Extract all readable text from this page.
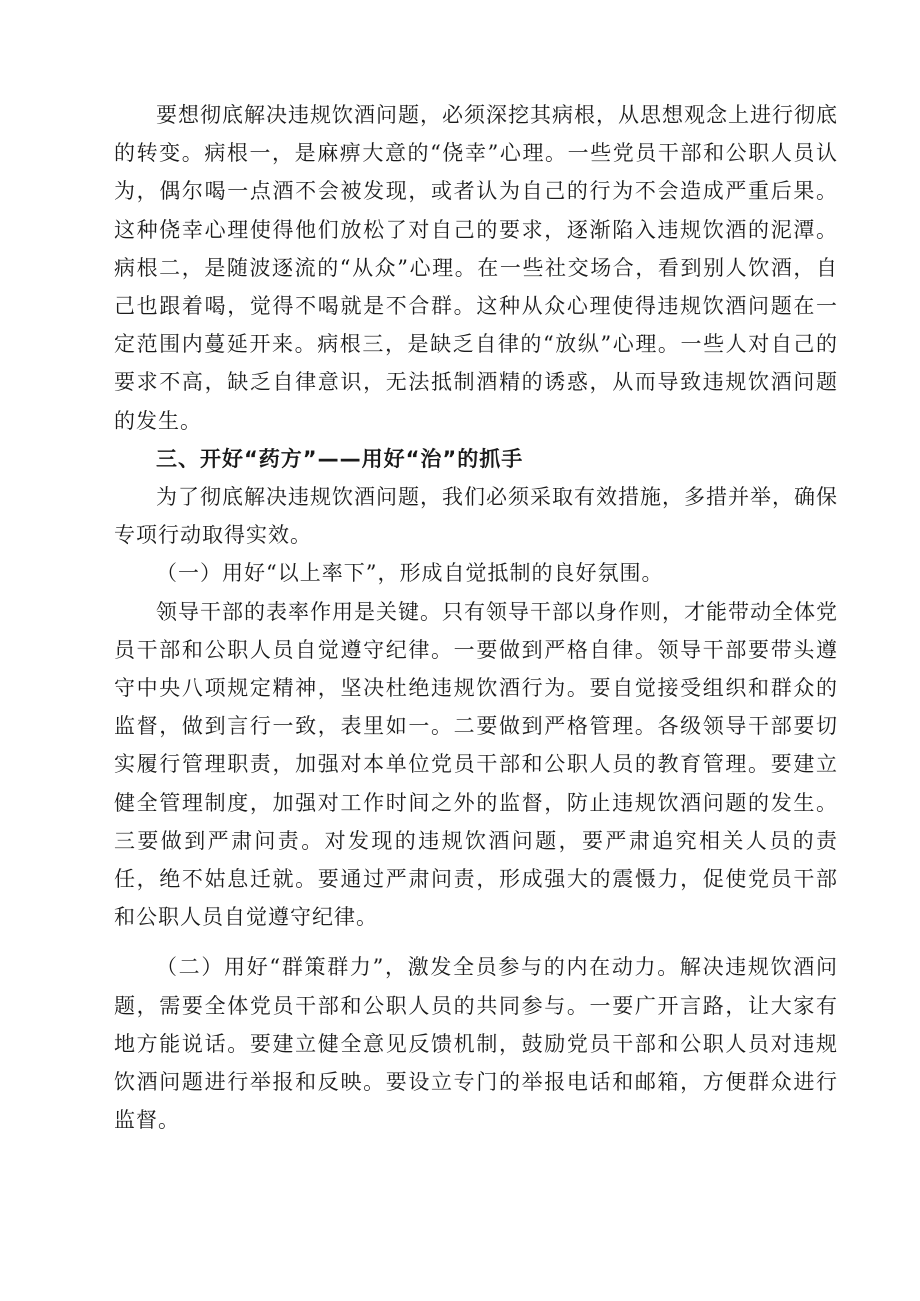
要想彻底解决违规饮酒问题，必须深挖其病根，从思想观念上进行彻底的转变。病根一，是麻痹大意的“侥幸”心理。一些党员干部和公职人员认为，偶尔喝一点酒不会被发现，或者认为自己的行为不会造成严重后果。这种侥幸心理使得他们放松了对自己的要求，逐渐陷入违规饮酒的泥潭。病根二，是随波逐流的“从众”心理。在一些社交场合，看到别人饮酒，自己也跟着喝，觉得不喝就是不合群。这种从众心理使得违规饮酒问题在一定范围内蔓延开来。病根三，是缺乏自律的“放纵”心理。一些人对自己的要求不高，缺乏自律意识，无法抵制酒精的诱惑，从而导致违规饮酒问题的发生。

三、开好“药方”——用好“治”的抓手

为了彻底解决违规饮酒问题，我们必须采取有效措施，多措并举，确保专项行动取得实效。

（一）用好“以上率下”，形成自觉抵制的良好氛围。

领导干部的表率作用是关键。只有领导干部以身作则，才能带动全体党员干部和公职人员自觉遵守纪律。一要做到严格自律。领导干部要带头遵守中央八项规定精神，坚决杜绝违规饮酒行为。要自觉接受组织和群众的监督，做到言行一致，表里如一。二要做到严格管理。各级领导干部要切实履行管理职责，加强对本单位党员干部和公职人员的教育管理。要建立健全管理制度，加强对工作时间之外的监督，防止违规饮酒问题的发生。三要做到严肃问责。对发现的违规饮酒问题，要严肃追究相关人员的责任，绝不姑息迁就。要通过严肃问责，形成强大的震慑力，促使党员干部和公职人员自觉遵守纪律。

（二）用好“群策群力”，激发全员参与的内在动力。解决违规饮酒问题，需要全体党员干部和公职人员的共同参与。一要广开言路，让大家有地方能说话。要建立健全意见反馈机制，鼓励党员干部和公职人员对违规饮酒问题进行举报和反映。要设立专门的举报电话和邮箱，方便群众进行监督。
